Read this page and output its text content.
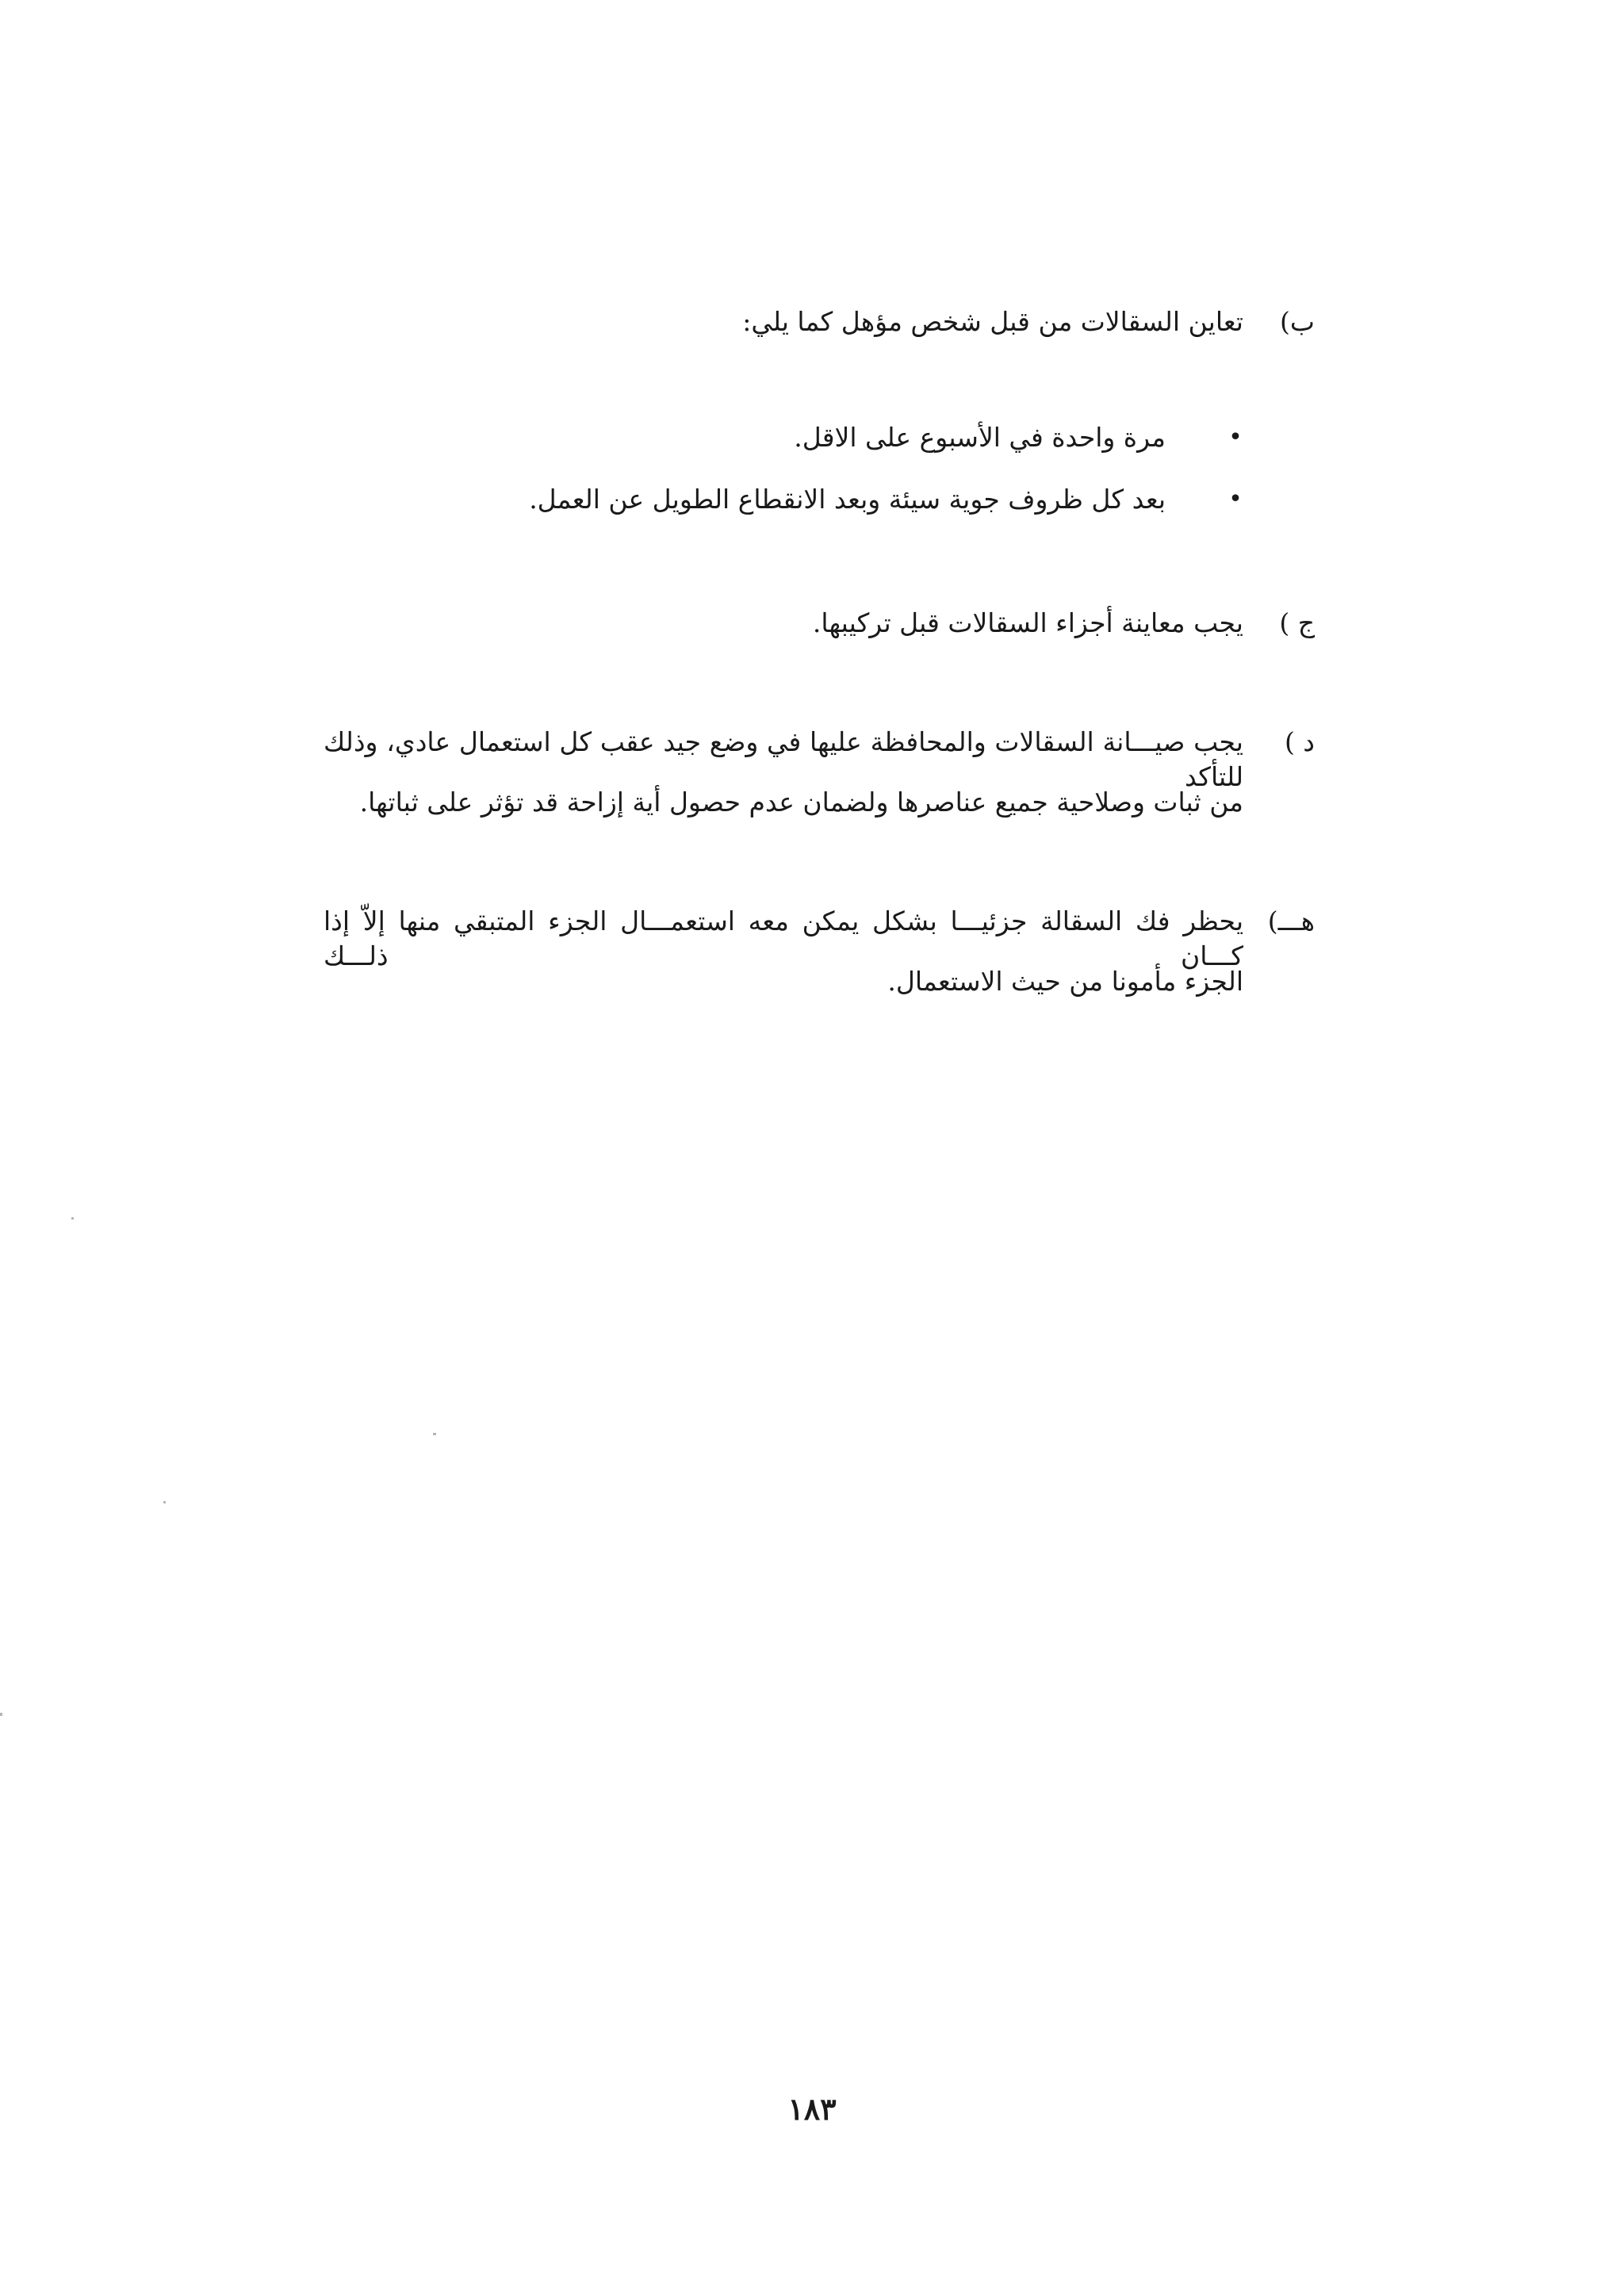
ب)
تعاين السقالات من قبل شخص مؤهل كما يلي:
•
مرة واحدة في الأسبوع على الاقل.
•
بعد كل ظروف جوية سيئة وبعد الانقطاع الطويل عن العمل.
ج )
يجب معاينة أجزاء السقالات قبل تركيبها.
د )
يجب صيـــانة السقالات والمحافظة عليها في وضع جيد عقب كل استعمال عادي، وذلك للتأكد
من ثبات وصلاحية جميع عناصرها ولضمان عدم حصول أية إزاحة قد تؤثر على ثباتها.
هـــ)
يحظر فك السقالة جزئيـــا بشكل يمكن معه استعمـــال الجزء المتبقي منها إلاّ إذا كـــان ذلـــك
الجزء مأمونا من حيث الاستعمال.
١٨٣
